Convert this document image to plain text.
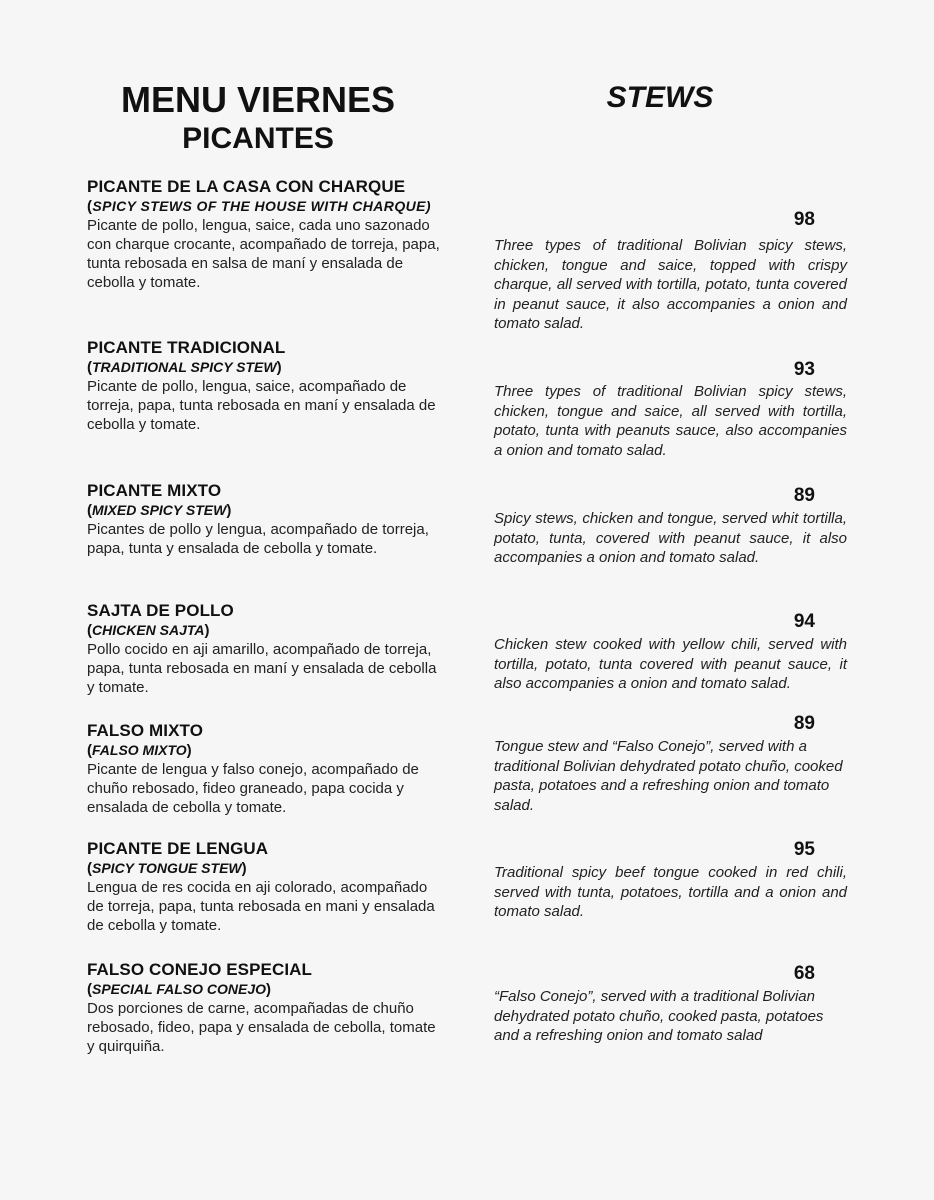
MENU VIERNES
PICANTES
STEWS
PICANTE DE LA CASA CON CHARQUE
(SPICY STEWS OF THE HOUSE WITH CHARQUE)
Picante de pollo, lengua, saice, cada uno sazonado con charque crocante, acompañado de torreja, papa, tunta rebosada en salsa de maní y ensalada de cebolla y tomate.
98
Three types of traditional Bolivian spicy stews, chicken, tongue and saice, topped with crispy charque, all served with tortilla, potato, tunta covered in peanut sauce, it also accompanies a onion and tomato salad.
PICANTE TRADICIONAL
(TRADITIONAL SPICY STEW)
Picante de pollo, lengua, saice, acompañado de torreja, papa, tunta rebosada en maní y ensalada de cebolla y tomate.
93
Three types of traditional Bolivian spicy stews, chicken, tongue and saice, all served with tortilla, potato, tunta with peanuts sauce, also accompanies a onion and tomato salad.
PICANTE MIXTO
(MIXED SPICY STEW)
Picantes de pollo y lengua, acompañado de torreja, papa, tunta y ensalada de cebolla y tomate.
89
Spicy stews, chicken and tongue, served whit tortilla, potato, tunta, covered with peanut sauce, it also accompanies a onion and tomato salad.
SAJTA DE POLLO
(CHICKEN SAJTA)
Pollo cocido en aji amarillo, acompañado de torreja, papa, tunta rebosada en maní y ensalada de cebolla y tomate.
94
Chicken stew cooked with yellow chili, served with tortilla, potato, tunta covered with peanut sauce, it also accompanies a onion and tomato salad.
FALSO MIXTO
(FALSO MIXTO)
Picante de lengua y falso conejo, acompañado de chuño rebosado, fideo graneado, papa cocida y ensalada de cebolla y tomate.
89
Tongue stew and “Falso Conejo”, served with a traditional Bolivian dehydrated potato chuño, cooked pasta, potatoes and a refreshing onion and tomato salad.
PICANTE DE LENGUA
(SPICY TONGUE STEW)
Lengua de res cocida en aji colorado, acompañado de torreja, papa, tunta rebosada en mani y ensalada de cebolla y tomate.
95
Traditional spicy beef tongue cooked in red chili, served with tunta, potatoes, tortilla and a onion and tomato salad.
FALSO CONEJO ESPECIAL
(SPECIAL FALSO CONEJO)
Dos porciones de carne, acompañadas de chuño rebosado, fideo, papa y ensalada de cebolla, tomate y quirquiña.
68
“Falso Conejo”, served with a traditional Bolivian dehydrated potato chuño, cooked pasta, potatoes and a refreshing onion and tomato salad
